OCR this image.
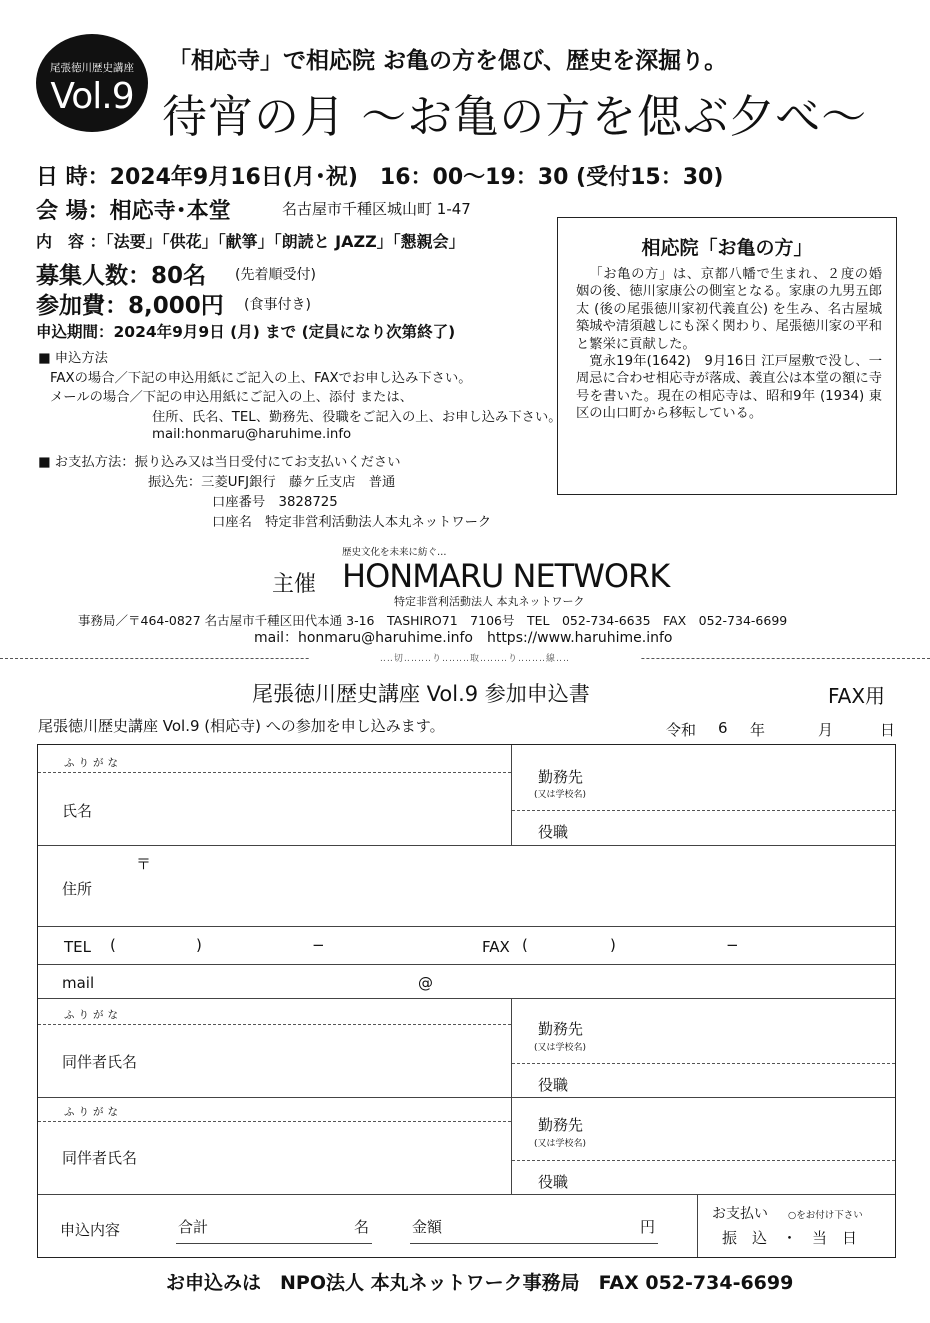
尾張徳川歴史講座
Vol.9
「相応寺」で相応院 お亀の方を偲び、歴史を深掘り。
待宵の月 〜お亀の方を偲ぶ夕べ〜
日 時：2024年9月16日(月･祝)　16：00〜19：30 (受付15：30)
会 場：相応寺･本堂	名古屋市千種区城山町 1-47
内　容 ：「法要」「供花」「献箏」「朗読と JAZZ」「懇親会」
募集人数：80名 (先着順受付)
参加費：8,000円 (食事付き)
申込期間：2024年9月9日 (月) まで (定員になり次第終了)
■ 申込方法
FAXの場合／下記の申込用紙にご記入の上、FAXでお申し込み下さい。
メールの場合／下記の申込用紙にご記入の上、添付 または、
住所、氏名、TEL、勤務先、役職をご記入の上、お申し込み下さい。
mail:honmaru@haruhime.info
■ お支払方法：振り込み又は当日受付にてお支払いください
振込先：三菱UFJ銀行　藤ケ丘支店　普通
口座番号　3828725
口座名　特定非営利活動法人本丸ネットワーク
相応院「お亀の方」

「お亀の方」は、京都八幡で生まれ、２度の婚姻の後、徳川家康公の側室となる。家康の九男五郎太 (後の尾張徳川家初代義直公) を生み、名古屋城築城や清須越しにも深く関わり、尾張徳川家の平和と繁栄に貢献した。

寛永19年(1642)　9月16日 江戸屋敷で没し、一周忌に合わせ相応寺が落成、義直公は本堂の額に寺号を書いた。現在の相応寺は、昭和9年 (1934) 東区の山口町から移転している。

歴史文化を未来に紡ぐ…
主催 HONMARU NETWORK
特定非営利活動法人 本丸ネットワーク
事務局／〒464-0827 名古屋市千種区田代本通 3-16　TASHIRO71　7106号　TEL　052-734-6635　FAX　052-734-6699
mail：honmaru@haruhime.info　https://www.haruhime.info
‥‥切‥‥‥‥り‥‥‥‥取‥‥‥‥り‥‥‥‥線‥‥
尾張徳川歴史講座 Vol.9 参加申込書	FAX用
尾張徳川歴史講座 Vol.9 (相応寺) への参加を申し込みます。	令和 6 年	月	日
ふりがな
氏名
勤務先
(又は学校名)
役職
〒
住所
TEL (	)	−	FAX (	)	−
mail	@
ふりがな
同伴者氏名
勤務先
(又は学校名)
役職
ふりがな
同伴者氏名
勤務先
(又は学校名)
役職
申込内容	合計	名	金額	円
お支払い ○をお付け下さい
振　込　・　当　日
お申込みは　NPO法人 本丸ネットワーク事務局　FAX 052-734-6699
